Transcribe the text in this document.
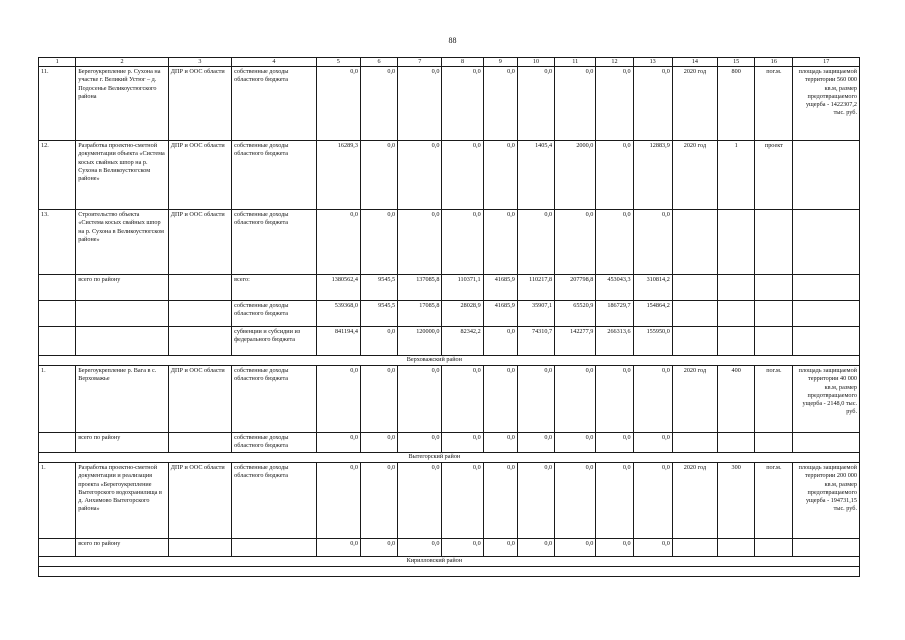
88
1	2	3	4	5	6	7	8	9	10	11	12	13	14	15	16	17
11.	Берегоукрепление р. Сухона на участке г. Великий Устюг – д. Подосенье Великоустюгского района	ДПР и ООС области	собственные доходы областного бюджета	0,0	0,0	0,0	0,0	0,0	0,0	0,0	0,0	0,0	2020 год	800	пог.м.	площадь защищаемой территории 560 000 кв.м, размер предотвращаемого ущерба - 1422307,2 тыс. руб.
12.	Разработка проектно-сметной документации объекта «Система косых свайных шпор на р. Сухона в Великоустюгском районе»	ДПР и ООС области	собственные доходы областного бюджета	16289,3	0,0	0,0	0,0	0,0	1405,4	2000,0	0,0	12883,9	2020 год	1	проект	
13.	Строительство объекта «Система косых свайных шпор на р. Сухона в Великоустюгском районе»	ДПР и ООС области	собственные доходы областного бюджета	0,0	0,0	0,0	0,0	0,0	0,0	0,0	0,0	0,0				
	всего по району		всего:	1380562,4	9545,5	137085,8	110371,1	41685,9	110217,8	207798,8	453043,3	310814,2				
			собственные доходы областного бюджета	539368,0	9545,5	17085,8	28028,9	41685,9	35907,1	65520,9	186729,7	154864,2				
			субвенции и субсидии из федерального бюджета	841194,4	0,0	120000,0	82342,2	0,0	74310,7	142277,9	266313,6	155950,0				
	Верховажский район															
1.	Берегоукрепление р. Вага в с. Верховажье	ДПР и ООС области	собственные доходы областного бюджета	0,0	0,0	0,0	0,0	0,0	0,0	0,0	0,0	0,0	2020 год	400	пог.м.	площадь защищаемой территории 40 000 кв.м, размер предотвращаемого ущерба - 2148,0 тыс. руб.
	всего по району		собственные доходы областного бюджета	0,0	0,0	0,0	0,0	0,0	0,0	0,0	0,0	0,0				
	Вытегорский район															
1.	Разработка проектно-сметной документации и реализация проекта «Берегоукрепление Вытегорского водохранилища в д. Анхимово Вытегорского района»	ДПР и ООС области	собственные доходы областного бюджета	0,0	0,0	0,0	0,0	0,0	0,0	0,0	0,0	0,0	2020 год	300	пог.м.	площадь защищаемой территории 200 000 кв.м, размер предотвращаемого ущерба - 194731,15 тыс. руб.
	всего по району			0,0	0,0	0,0	0,0	0,0	0,0	0,0	0,0	0,0				
	Кирилловский район															
